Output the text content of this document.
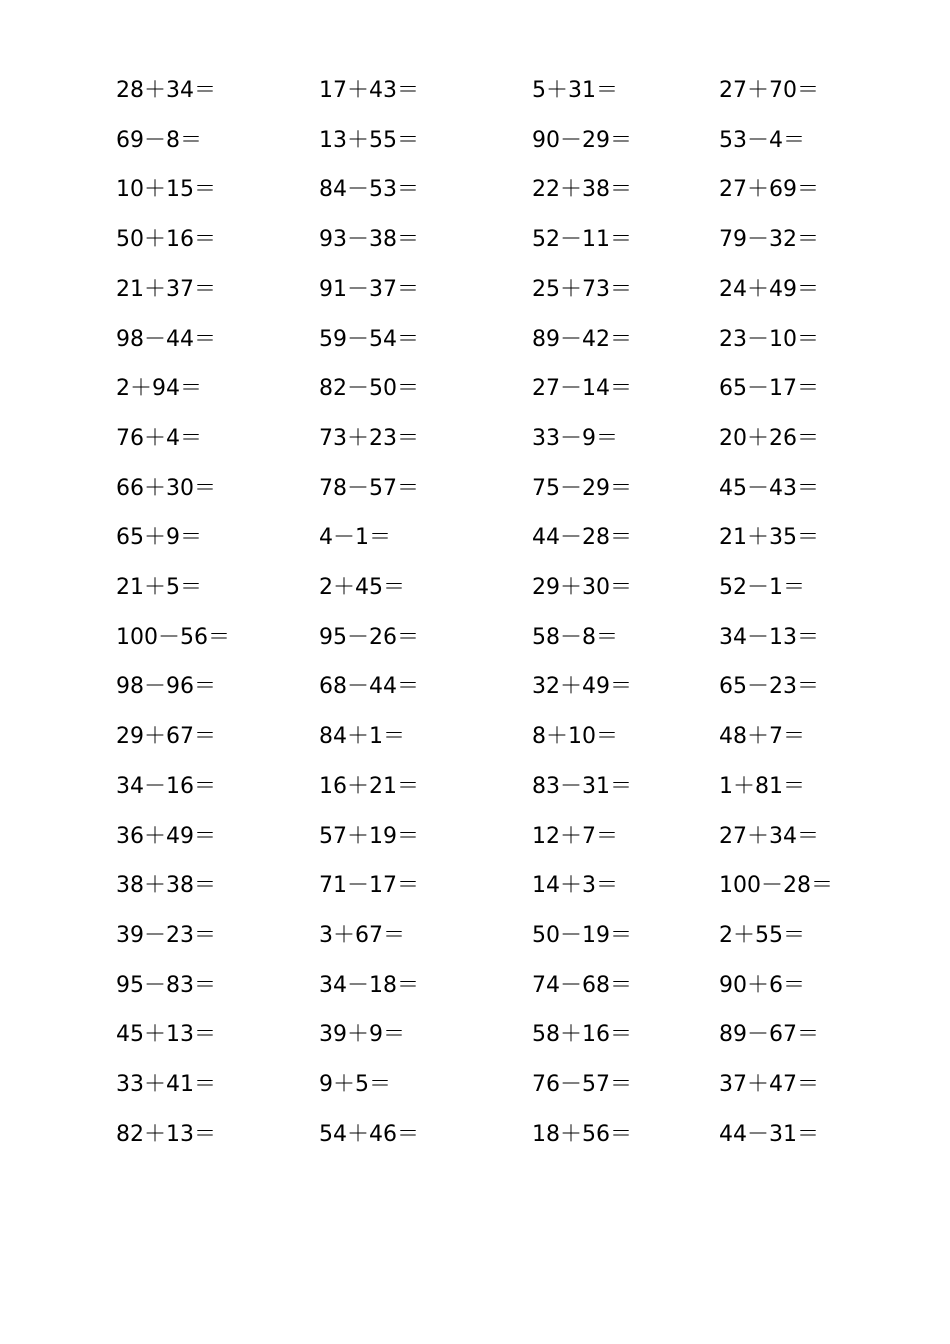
28＋34＝	17＋43＝	5＋31＝	27＋70＝
69－8＝	13＋55＝	90－29＝	53－4＝
10＋15＝	84－53＝	22＋38＝	27＋69＝
50＋16＝	93－38＝	52－11＝	79－32＝
21＋37＝	91－37＝	25＋73＝	24＋49＝
98－44＝	59－54＝	89－42＝	23－10＝
2＋94＝	82－50＝	27－14＝	65－17＝
76＋4＝	73＋23＝	33－9＝	20＋26＝
66＋30＝	78－57＝	75－29＝	45－43＝
65＋9＝	4－1＝	44－28＝	21＋35＝
21＋5＝	2＋45＝	29＋30＝	52－1＝
100－56＝	95－26＝	58－8＝	34－13＝
98－96＝	68－44＝	32＋49＝	65－23＝
29＋67＝	84＋1＝	8＋10＝	48＋7＝
34－16＝	16＋21＝	83－31＝	1＋81＝
36＋49＝	57＋19＝	12＋7＝	27＋34＝
38＋38＝	71－17＝	14＋3＝	100－28＝
39－23＝	3＋67＝	50－19＝	2＋55＝
95－83＝	34－18＝	74－68＝	90＋6＝
45＋13＝	39＋9＝	58＋16＝	89－67＝
33＋41＝	9＋5＝	76－57＝	37＋47＝
82＋13＝	54＋46＝	18＋56＝	44－31＝
